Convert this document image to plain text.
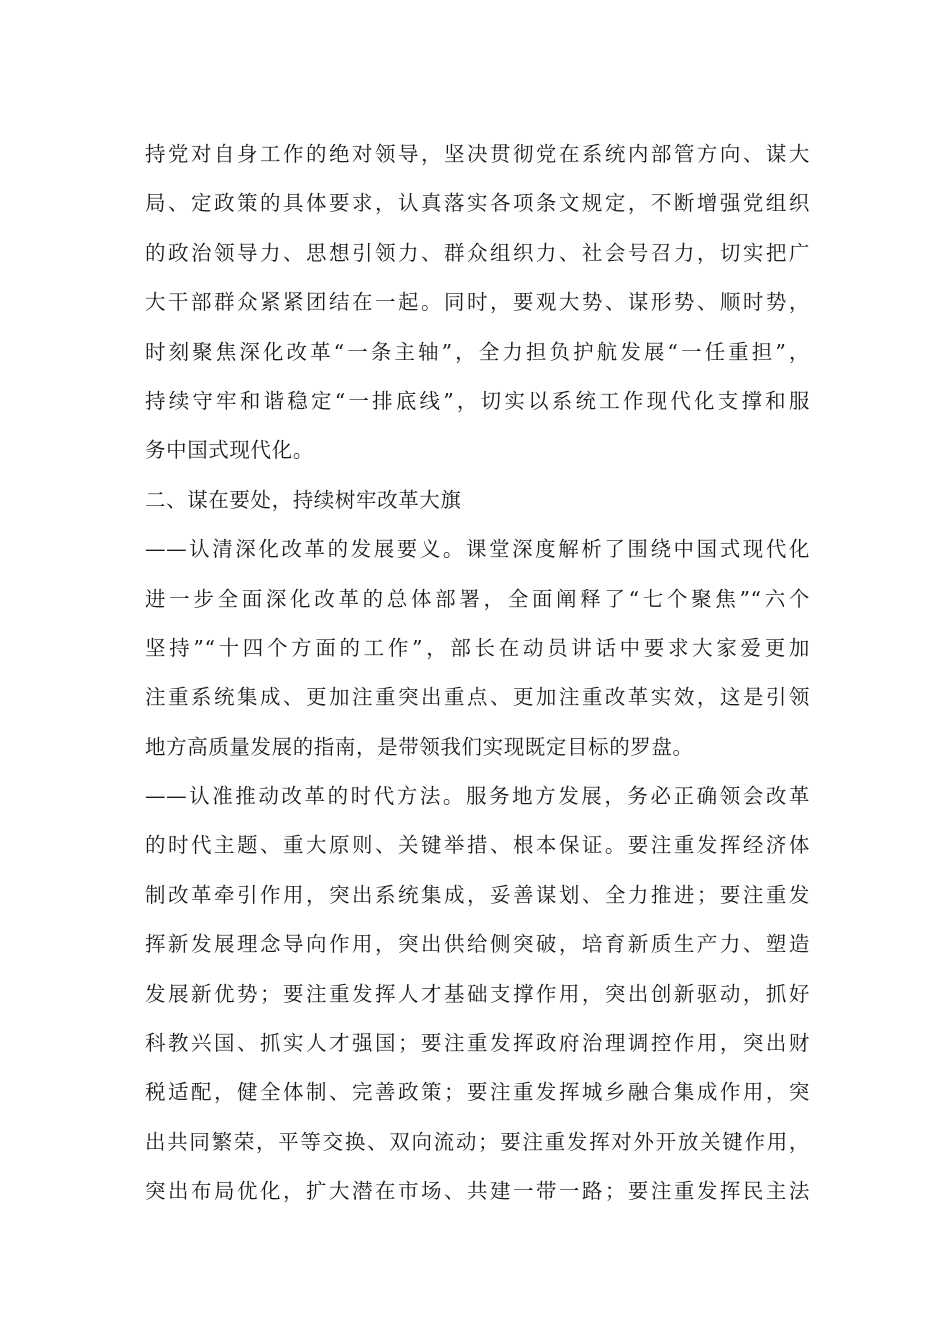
持党对自身工作的绝对领导，坚决贯彻党在系统内部管方向、谋大
局、定政策的具体要求，认真落实各项条文规定，不断增强党组织
的政治领导力、思想引领力、群众组织力、社会号召力，切实把广
大干部群众紧紧团结在一起。同时，要观大势、谋形势、顺时势，
时刻聚焦深化改革“一条主轴”，全力担负护航发展“一任重担”，
持续守牢和谐稳定“一排底线”，切实以系统工作现代化支撑和服
务中国式现代化。
二、谋在要处，持续树牢改革大旗
——认清深化改革的发展要义。课堂深度解析了围绕中国式现代化
进一步全面深化改革的总体部署，全面阐释了“七个聚焦”“六个
坚持”“十四个方面的工作”，部长在动员讲话中要求大家爱更加
注重系统集成、更加注重突出重点、更加注重改革实效，这是引领
地方高质量发展的指南，是带领我们实现既定目标的罗盘。
——认准推动改革的时代方法。服务地方发展，务必正确领会改革
的时代主题、重大原则、关键举措、根本保证。要注重发挥经济体
制改革牵引作用，突出系统集成，妥善谋划、全力推进；要注重发
挥新发展理念导向作用，突出供给侧突破，培育新质生产力、塑造
发展新优势；要注重发挥人才基础支撑作用，突出创新驱动，抓好
科教兴国、抓实人才强国；要注重发挥政府治理调控作用，突出财
税适配，健全体制、完善政策；要注重发挥城乡融合集成作用，突
出共同繁荣，平等交换、双向流动；要注重发挥对外开放关键作用，
突出布局优化，扩大潜在市场、共建一带一路；要注重发挥民主法
